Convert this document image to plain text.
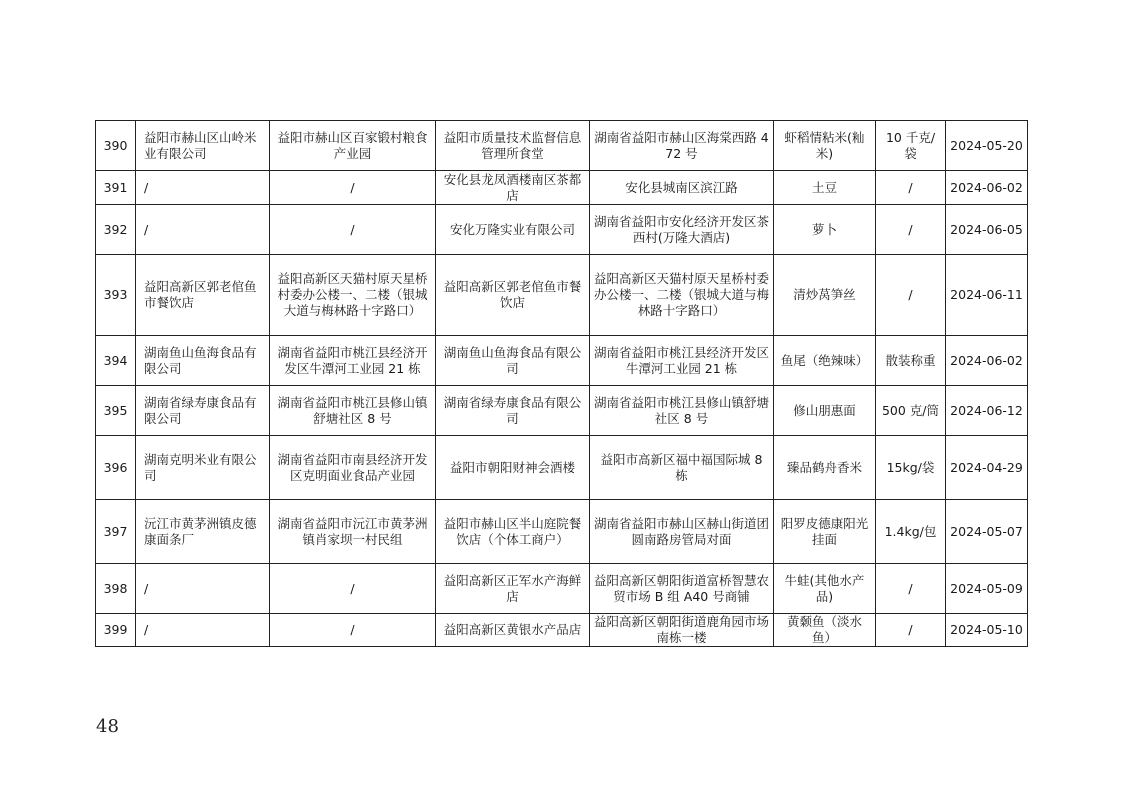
390	益阳市赫山区山岭米业有限公司	益阳市赫山区百家锻村粮食产业园	益阳市质量技术监督信息管理所食堂	湖南省益阳市赫山区海棠西路 472 号	虾稻情粘米(籼米)	10 千克/袋	2024-05-20
391	/	/	安化县龙凤酒楼南区茶都店	安化县城南区滨江路	土豆	/	2024-06-02
392	/	/	安化万隆实业有限公司	湖南省益阳市安化经济开发区茶西村(万隆大酒店)	萝卜	/	2024-06-05
393	益阳高新区郭老倌鱼市餐饮店	益阳高新区天猫村原天星桥村委办公楼一、二楼（银城大道与梅林路十字路口）	益阳高新区郭老倌鱼市餐饮店	益阳高新区天猫村原天星桥村委办公楼一、二楼（银城大道与梅林路十字路口）	清炒莴笋丝	/	2024-06-11
394	湖南鱼山鱼海食品有限公司	湖南省益阳市桃江县经济开发区牛潭河工业园 21 栋	湖南鱼山鱼海食品有限公司	湖南省益阳市桃江县经济开发区牛潭河工业园 21 栋	鱼尾（绝辣味）	散装称重	2024-06-02
395	湖南省绿寿康食品有限公司	湖南省益阳市桃江县修山镇舒塘社区 8 号	湖南省绿寿康食品有限公司	湖南省益阳市桃江县修山镇舒塘社区 8 号	修山朋惠面	500 克/筒	2024-06-12
396	湖南克明米业有限公司	湖南省益阳市南县经济开发区克明面业食品产业园	益阳市朝阳财神会酒楼	益阳市高新区福中福国际城 8 栋	臻品鹤舟香米	15kg/袋	2024-04-29
397	沅江市黄茅洲镇皮德康面条厂	湖南省益阳市沅江市黄茅洲镇肖家坝一村民组	益阳市赫山区半山庭院餐饮店（个体工商户）	湖南省益阳市赫山区赫山街道团圆南路房管局对面	阳罗皮德康阳光挂面	1.4kg/包	2024-05-07
398	/	/	益阳高新区正军水产海鲜店	益阳高新区朝阳街道富桥智慧农贸市场 B 组 A40 号商铺	牛蛙(其他水产品)	/	2024-05-09
399	/	/	益阳高新区黄银水产品店	益阳高新区朝阳街道鹿角园市场南栋一楼	黄颡鱼（淡水鱼）	/	2024-05-10
48
